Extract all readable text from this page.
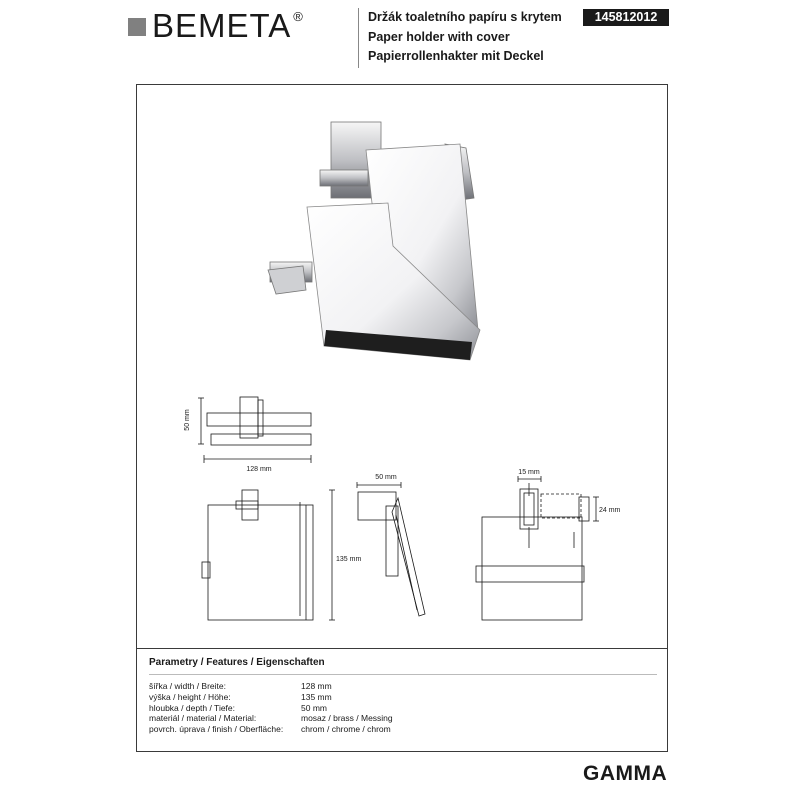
BEMETA ®	Držák toaletního papíru s krytem
Paper holder with cover
Papierrollenhakter mit Deckel
145812012
50 mm
128 mm
135 mm
50 mm
15 mm
24 mm
Parametry / Features / Eigenschaften
šířka / width / Breite:	128 mm
výška / height / Höhe:	135 mm
hloubka / depth / Tiefe:	50 mm
materiál / material / Material:	mosaz / brass / Messing
povrch. úprava / finish / Oberfläche:	chrom / chrome / chrom
GAMMA
